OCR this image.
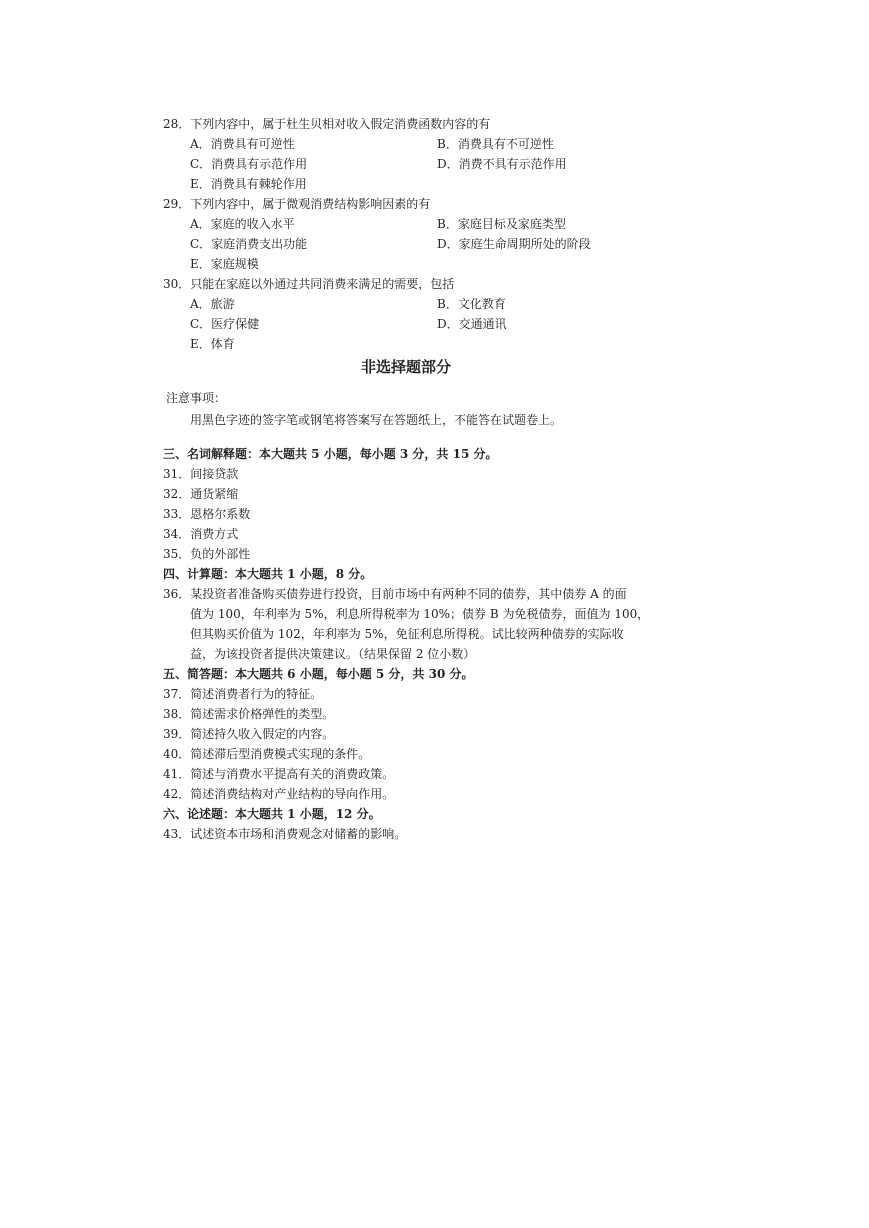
28．下列内容中，属于杜生贝相对收入假定消费函数内容的有
A．消费具有可逆性	B．消费具有不可逆性
C．消费具有示范作用	D．消费不具有示范作用
E．消费具有棘轮作用
29．下列内容中，属于微观消费结构影响因素的有
A．家庭的收入水平	B．家庭目标及家庭类型
C．家庭消费支出功能	D．家庭生命周期所处的阶段
E．家庭规模
30．只能在家庭以外通过共同消费来满足的需要，包括
A．旅游	B．文化教育
C．医疗保健	D．交通通讯
E．体育
非选择题部分
注意事项：
用黑色字迹的签字笔或钢笔将答案写在答题纸上，不能答在试题卷上。
三、名词解释题：本大题共 5 小题，每小题 3 分，共 15 分。
31．间接贷款
32．通货紧缩
33．恩格尔系数
34．消费方式
35．负的外部性
四、计算题：本大题共 1 小题，8 分。
36．某投资者准备购买债券进行投资，目前市场中有两种不同的债券，其中债券 A 的面
值为 100，年利率为 5%，利息所得税率为 10%；债券 B 为免税债券，面值为 100，
但其购买价值为 102，年利率为 5%，免征利息所得税。试比较两种债券的实际收
益，为该投资者提供决策建议。（结果保留 2 位小数）
五、简答题：本大题共 6 小题，每小题 5 分，共 30 分。
37．简述消费者行为的特征。
38．简述需求价格弹性的类型。
39．简述持久收入假定的内容。
40．简述滞后型消费模式实现的条件。
41．简述与消费水平提高有关的消费政策。
42．简述消费结构对产业结构的导向作用。
六、论述题：本大题共 1 小题，12 分。
43．试述资本市场和消费观念对储蓄的影响。
